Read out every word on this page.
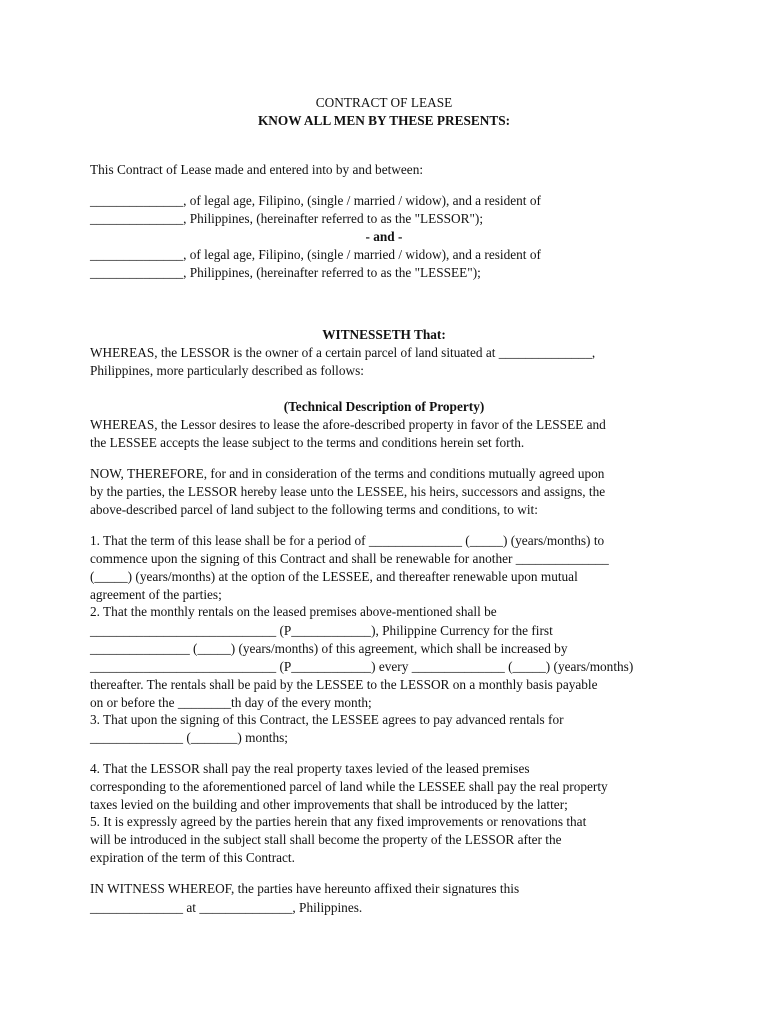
CONTRACT OF LEASE
KNOW ALL MEN BY THESE PRESENTS:
This Contract of Lease made and entered into by and between:
______________, of legal age, Filipino, (single / married / widow), and a resident of
______________, Philippines, (hereinafter referred to as the "LESSOR");
- and -
______________, of legal age, Filipino, (single / married / widow), and a resident of
______________, Philippines, (hereinafter referred to as the "LESSEE");
WITNESSETH That:
WHEREAS, the LESSOR is the owner of a certain parcel of land situated at ______________,
Philippines, more particularly described as follows:
(Technical Description of Property)
WHEREAS, the Lessor desires to lease the afore-described property in favor of the LESSEE and
the LESSEE accepts the lease subject to the terms and conditions herein set forth.
NOW, THEREFORE, for and in consideration of the terms and conditions mutually agreed upon
by the parties, the LESSOR hereby lease unto the LESSEE, his heirs, successors and assigns, the
above-described parcel of land subject to the following terms and conditions, to wit:
1. That the term of this lease shall be for a period of ______________ (_____) (years/months) to
commence upon the signing of this Contract and shall be renewable for another ______________
(_____) (years/months) at the option of the LESSEE, and thereafter renewable upon mutual
agreement of the parties;
2. That the monthly rentals on the leased premises above-mentioned shall be
____________________________ (P____________), Philippine Currency for the first
_______________ (_____) (years/months) of this agreement, which shall be increased by
____________________________ (P____________) every ______________ (_____) (years/months)
thereafter. The rentals shall be paid by the LESSEE to the LESSOR on a monthly basis payable
on or before the ________th day of the every month;
3. That upon the signing of this Contract, the LESSEE agrees to pay advanced rentals for
______________ (_______) months;
4. That the LESSOR shall pay the real property taxes levied of the leased premises
corresponding to the aforementioned parcel of land while the LESSEE shall pay the real property
taxes levied on the building and other improvements that shall be introduced by the latter;
5. It is expressly agreed by the parties herein that any fixed improvements or renovations that
will be introduced in the subject stall shall become the property of the LESSOR after the
expiration of the term of this Contract.
IN WITNESS WHEREOF, the parties have hereunto affixed their signatures this
______________ at ______________, Philippines.
